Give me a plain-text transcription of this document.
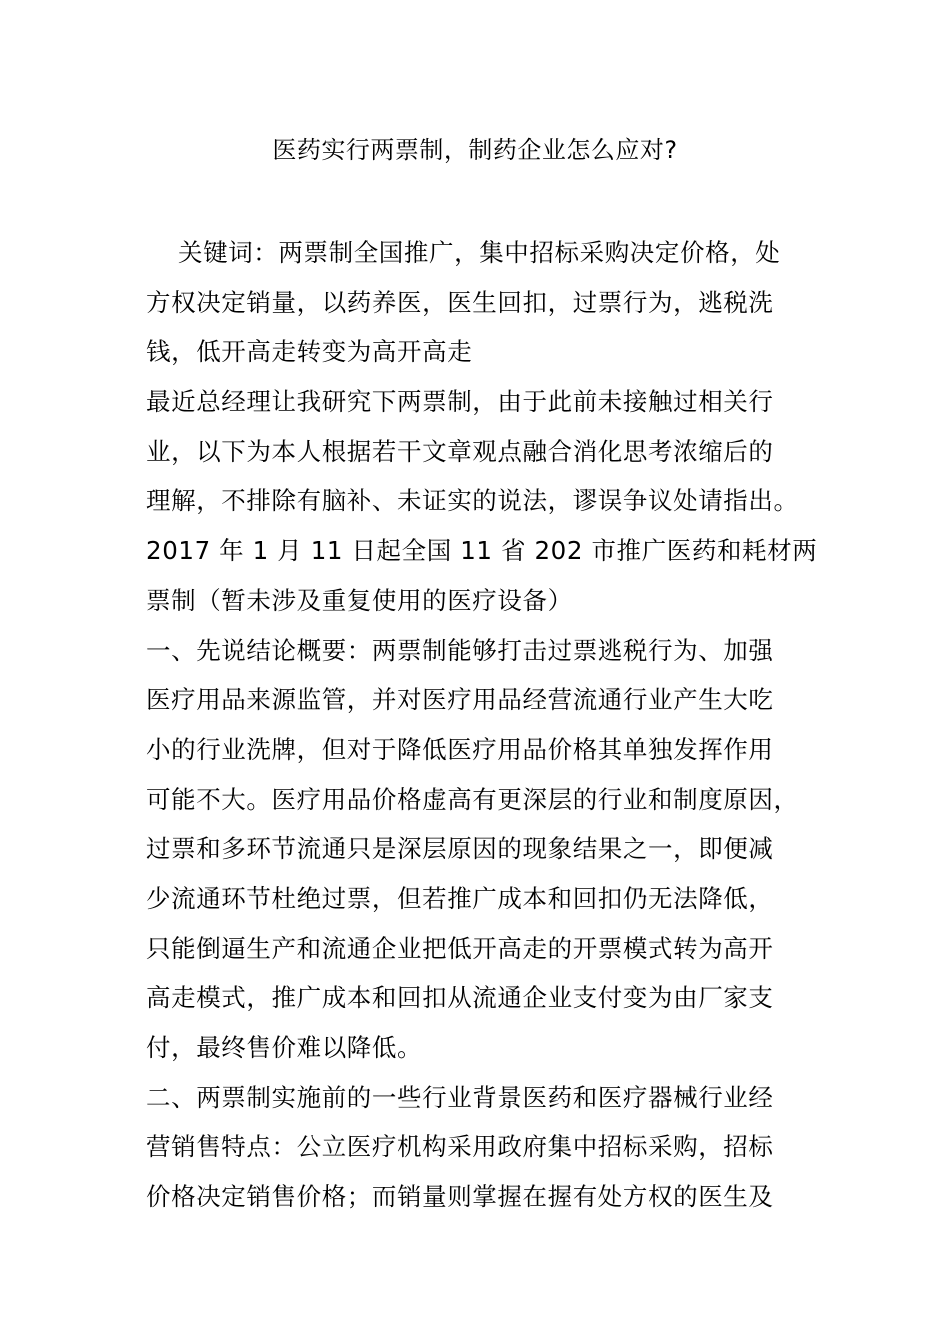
医药实行两票制，制药企业怎么应对?
关键词：两票制全国推广，集中招标采购决定价格，处
方权决定销量，以药养医，医生回扣，过票行为，逃税洗
钱，低开高走转变为高开高走
最近总经理让我研究下两票制，由于此前未接触过相关行
业，以下为本人根据若干文章观点融合消化思考浓缩后的
理解，不排除有脑补、未证实的说法，谬误争议处请指出。
2017 年 1 月 11 日起全国 11 省 202 市推广医药和耗材两
票制（暂未涉及重复使用的医疗设备）
一、先说结论概要：两票制能够打击过票逃税行为、加强
医疗用品来源监管，并对医疗用品经营流通行业产生大吃
小的行业洗牌，但对于降低医疗用品价格其单独发挥作用
可能不大。医疗用品价格虚高有更深层的行业和制度原因，
过票和多环节流通只是深层原因的现象结果之一，即便减
少流通环节杜绝过票，但若推广成本和回扣仍无法降低，
只能倒逼生产和流通企业把低开高走的开票模式转为高开
高走模式，推广成本和回扣从流通企业支付变为由厂家支
付，最终售价难以降低。
二、两票制实施前的一些行业背景医药和医疗器械行业经
营销售特点：公立医疗机构采用政府集中招标采购，招标
价格决定销售价格；而销量则掌握在握有处方权的医生及
